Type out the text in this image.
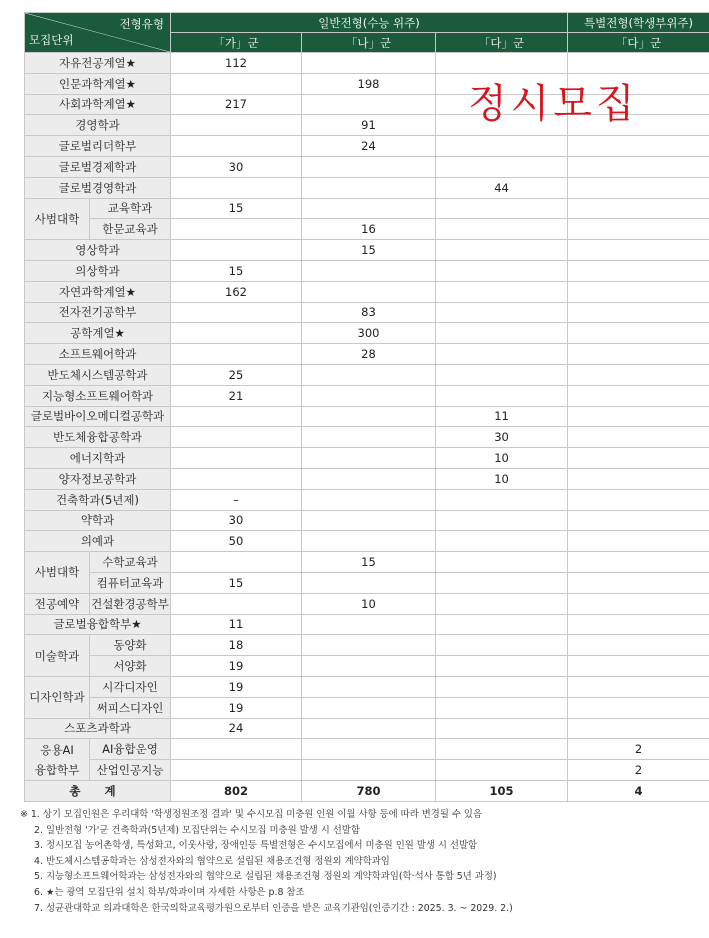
전형유형
모집단위		일반전형(수능 위주)			특별전형(학생부위주)
		「가」군	「나」군	「다」군	「다」군
자유전공계열★		112			
인문과학계열★			198		
사회과학계열★		217			
경영학과			91		
글로벌리더학부			24		
글로벌경제학과		30			
글로벌경영학과				44	
사범대학	교육학과	15			
	한문교육과		16		
영상학과			15		
의상학과		15			
자연과학계열★		162			
전자전기공학부			83		
공학계열★			300		
소프트웨어학과			28		
반도체시스템공학과		25			
지능형소프트웨어학과		21			
글로벌바이오메디컬공학과				11	
반도체융합공학과				30	
에너지학과				10	
양자정보공학과				10	
건축학과(5년제)		–			
약학과		30			
의예과		50			
사범대학	수학교육과		15		
	컴퓨터교육과	15			
전공예약	건설환경공학부		10		
글로벌융합학부★		11			
미술학과	동양화	18			
	서양화	19			
디자인학과	시각디자인	19			
	써피스디자인	19			
스포츠과학과		24			

응용AI
융합학부	AI융합운영				2
	산업인공지능				2
총 계		802	780	105	4
정시모집
※ 1. 상기 모집인원은 우리대학 '학생정원조정 결과' 및 수시모집 미충원 인원 이월 사항 등에 따라 변경될 수 있음
2. 일반전형 '가'군 건축학과(5년제) 모집단위는 수시모집 미충원 발생 시 선발함
3. 정시모집 농어촌학생, 특성화고, 이웃사랑, 장애인등 특별전형은 수시모집에서 미충원 인원 발생 시 선발함
4. 반도체시스템공학과는 삼성전자와의 협약으로 설립된 채용조건형 정원외 계약학과임
5. 지능형소프트웨어학과는 삼성전자와의 협약으로 설립된 채용조건형 정원외 계약학과임(학·석사 통합 5년 과정)
6. ★는 광역 모집단위 설치 학부/학과이며 자세한 사항은 p.8 참조
7. 성균관대학교 의과대학은 한국의학교육평가원으로부터 인증을 받은 교육기관임(인증기간 : 2025. 3. ~ 2029. 2.)
